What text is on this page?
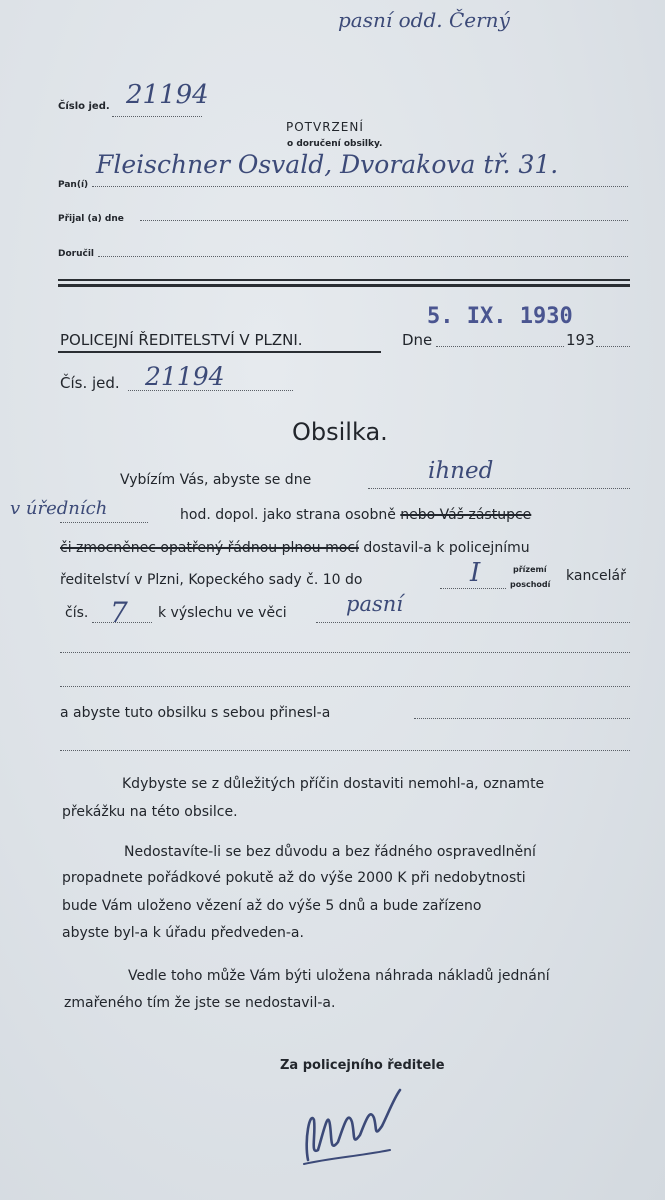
pasní odd. Černý
Číslo jed. 21194
POTVRZENÍ
o doručení obsilky.
Pan(í)
Fleischner Osvald, Dvorakova tř. 31.
Přijal (a) dne
Doručil
POLICEJNÍ ŘEDITELSTVÍ V PLZNI.	Dne
5. IX. 1930
193
Čís. jed. 21194
Obsilka.
Vybízím Vás, abyste se dne	ihned
v úředních	hod. dopol. jako strana osobně nebo Váš zástupce
či zmocněnec opatřený řádnou plnou mocí dostavil-a k policejnímu
ředitelství v Plzni, Kopeckého sady č. 10 do	I	přízemí
poschodí
kancelář
čís. 7 k výslechu ve věci	pasní
a abyste tuto obsilku s sebou přinesl-a
Kdybyste se z důležitých příčin dostaviti nemohl-a, oznamte
překážku na této obsilce.
Nedostavíte-li se bez důvodu a bez řádného ospravedlnění
propadnete pořádkové pokutě až do výše 2000 K při nedobytnosti
bude Vám uloženo vězení až do výše 5 dnů a bude zařízeno
abyste byl-a k úřadu předveden-a.
Vedle toho může Vám býti uložena náhrada nákladů jednání
zmařeného tím že jste se nedostavil-a.
Za policejního ředitele
